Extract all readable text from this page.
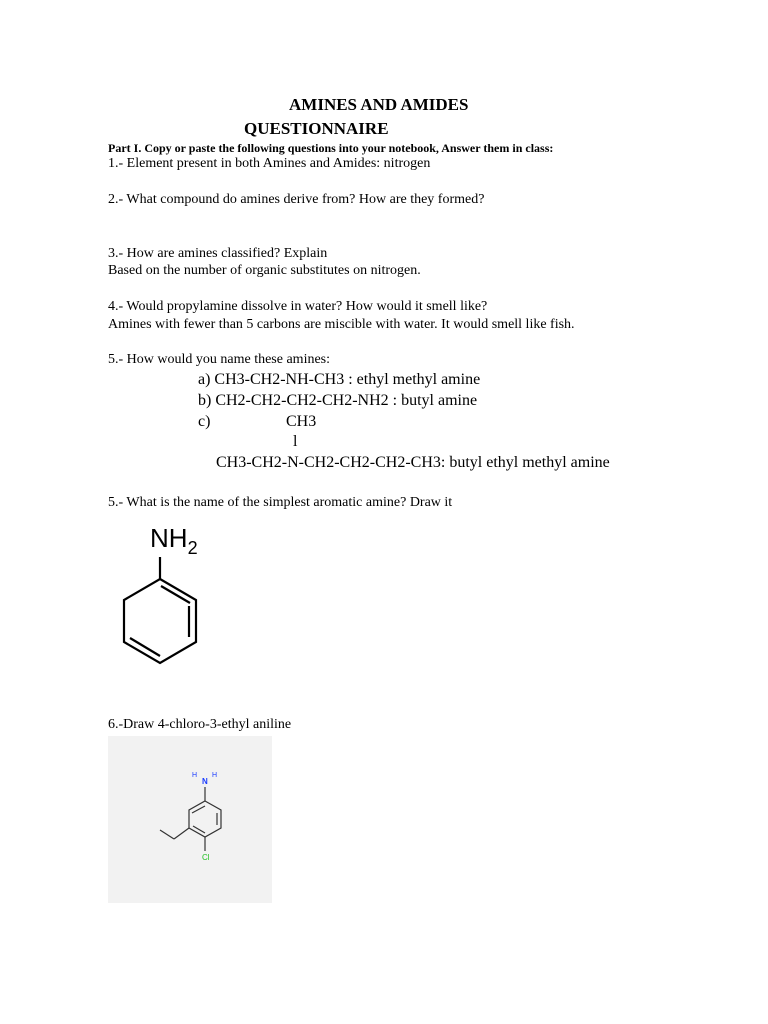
AMINES AND AMIDES
QUESTIONNAIRE
Part I. Copy or paste the following questions into your notebook, Answer them in class:
1.- Element present in both Amines and Amides: nitrogen
2.- What compound do amines derive from? How are they formed?
3.- How are amines classified? Explain
Based on the number of organic substitutes on nitrogen.
4.- Would propylamine dissolve in water? How would it smell like?
Amines with fewer than 5 carbons are miscible with water. It would smell like fish.
5.- How would you name these amines:
a) CH3-CH2-NH-CH3 : ethyl methyl amine
b) CH2-CH2-CH2-CH2-NH2 : butyl amine
c)	CH3
l
CH3-CH2-N-CH2-CH2-CH2-CH3: butyl ethyl methyl amine
5.- What is the name of the simplest aromatic amine? Draw it
$NH_2$
6.-Draw 4-chloro-3-ethyl aniline
H H
N
Cl
